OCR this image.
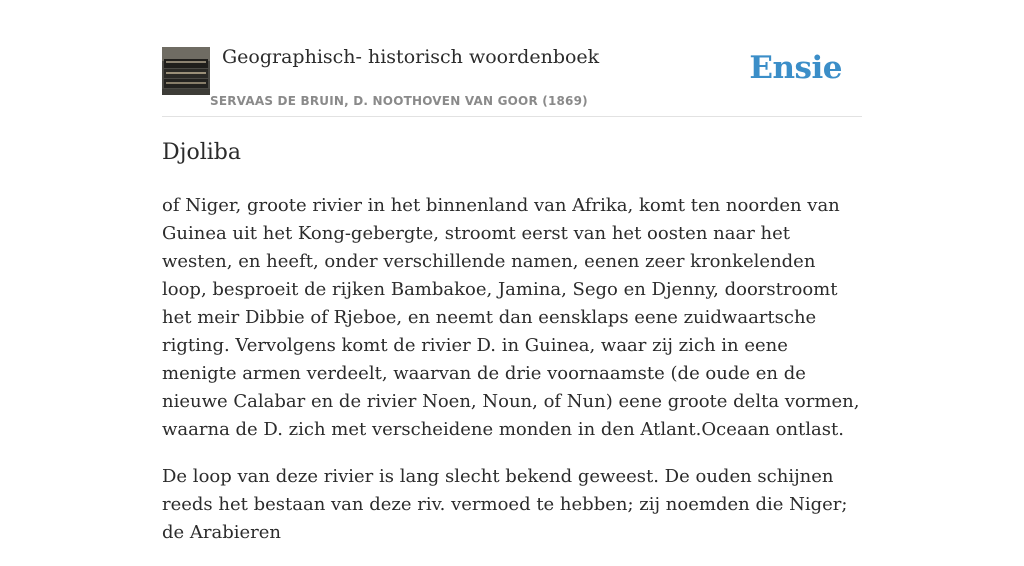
Geographisch- historisch woordenboek
SERVAAS DE BRUIN, D. NOOTHOVEN VAN GOOR (1869)
Ensie
Djoliba

of Niger, groote rivier in het binnenland van Afrika, komt ten noorden van Guinea uit het Kong-gebergte, stroomt eerst van het oosten naar het westen, en heeft, onder verschillende namen, eenen zeer kronkelenden loop, besproeit de rijken Bambakoe, Jamina, Sego en Djenny, doorstroomt het meir Dibbie of Rjeboe, en neemt dan eensklaps eene zuidwaartsche rigting. Vervolgens komt de rivier D. in Guinea, waar zij zich in eene menigte armen verdeelt, waarvan de drie voornaamste (de oude en de nieuwe Calabar en de rivier Noen, Noun, of Nun) eene groote delta vormen, waarna de D. zich met verscheidene monden in den Atlant.Oceaan ontlast.

De loop van deze rivier is lang slecht bekend geweest. De ouden schijnen reeds het bestaan van deze riv. vermoed te hebben; zij noemden die Niger; de Arabieren
